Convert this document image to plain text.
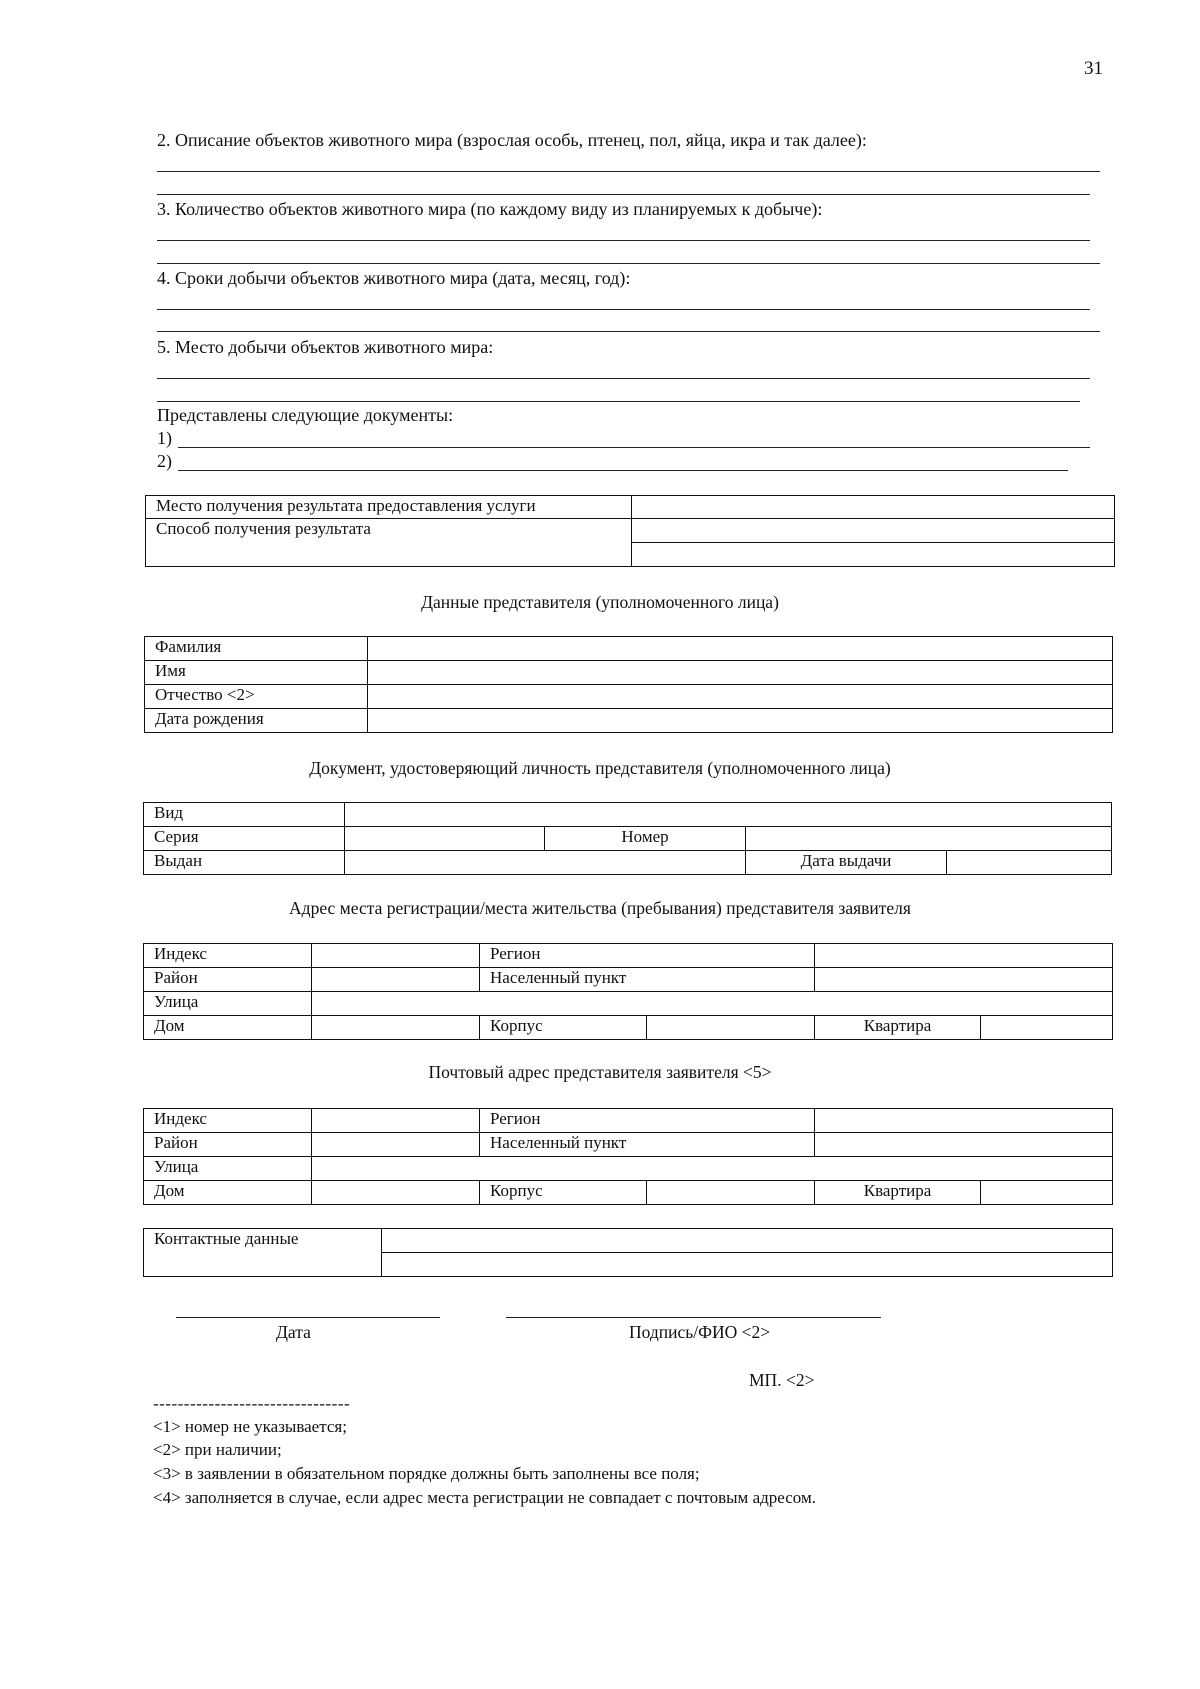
31
2. Описание объектов животного мира (взрослая особь, птенец, пол, яйца, икра и так далее):
3. Количество объектов животного мира (по каждому виду из планируемых к добыче):
4. Сроки добычи объектов животного мира (дата, месяц, год):
5. Место добычи объектов животного мира:
Представлены следующие документы:
1)
2)
Место получения результата предоставления услуги	
Способ получения результата	

Данные представителя (уполномоченного лица)
Фамилия	
Имя	
Отчество <2>	
Дата рождения	
Документ, удостоверяющий личность представителя (уполномоченного лица)
Вид				
Серия		Номер		
Выдан			Дата выдачи	
Адрес места регистрации/места жительства (пребывания) представителя заявителя
Индекс		Регион			
Район		Населенный пункт			
Улица					
Дом		Корпус		Квартира	
Почтовый адрес представителя заявителя <5>
Индекс		Регион			
Район		Населенный пункт			
Улица					
Дом		Корпус		Квартира	
Контактные данные	

Дата	Подпись/ФИО <2>
МП. <2>
--------------------------------
<1> номер не указывается;
<2> при наличии;
<3> в заявлении в обязательном порядке должны быть заполнены все поля;
<4> заполняется в случае, если адрес места регистрации не совпадает с почтовым адресом.
